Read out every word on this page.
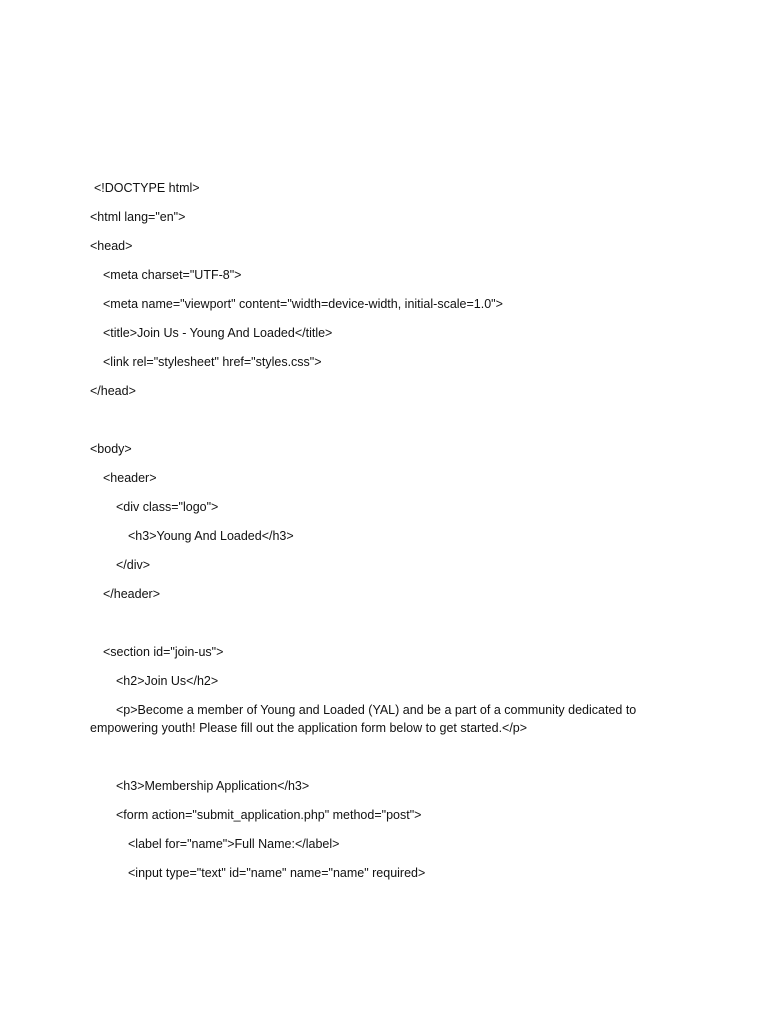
<!DOCTYPE html>
<html lang="en">
<head>
<meta charset="UTF-8">
<meta name="viewport" content="width=device-width, initial-scale=1.0">
<title>Join Us - Young And Loaded</title>
<link rel="stylesheet" href="styles.css">
</head>
<body>
<header>
<div class="logo">
<h3>Young And Loaded</h3>
</div>
</header>
<section id="join-us">
<h2>Join Us</h2>
<p>Become a member of Young and Loaded (YAL) and be a part of a community dedicated to empowering youth! Please fill out the application form below to get started.</p>
<h3>Membership Application</h3>
<form action="submit_application.php" method="post">
<label for="name">Full Name:</label>
<input type="text" id="name" name="name" required>
